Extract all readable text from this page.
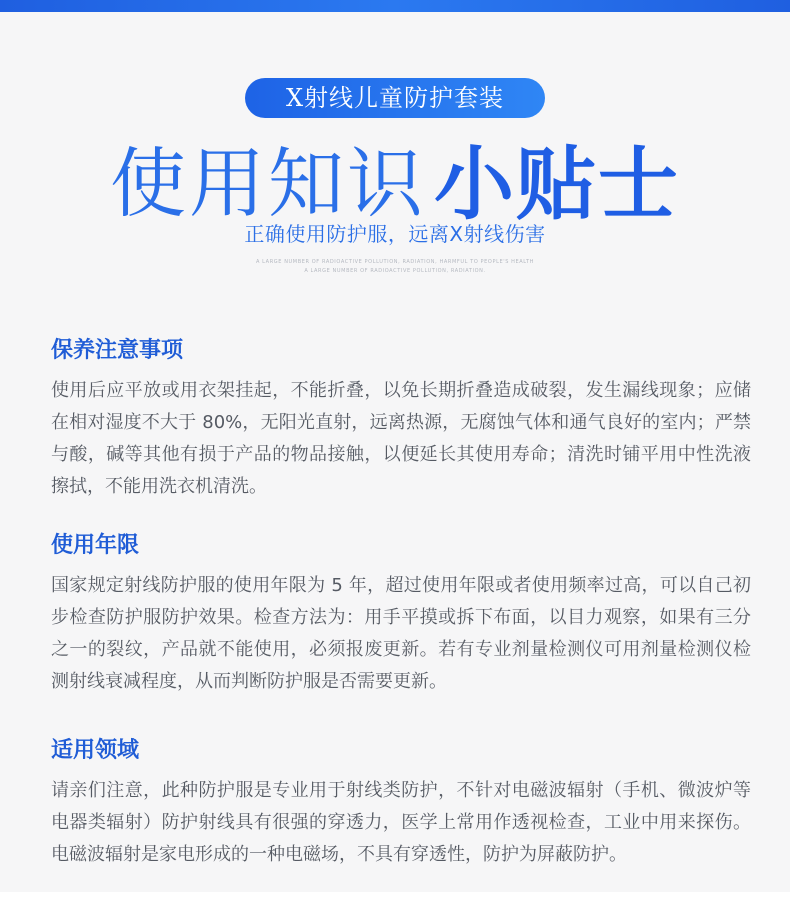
X射线儿童防护套装
使用知识 小贴士
正确使用防护服，远离X射线伤害
A LARGE NUMBER OF RADIOACTIVE POLLUTION, RADIATION, HARMFUL TO PEOPLE'S HEALTH
A LARGE NUMBER OF RADIOACTIVE POLLUTION, RADIATION.
保养注意事项

使用后应平放或用衣架挂起，不能折叠，以免长期折叠造成破裂，发生漏线现象；应储在相对湿度不大于 80%，无阳光直射，远离热源，无腐蚀气体和通气良好的室内；严禁与酸，碱等其他有损于产品的物品接触，以便延长其使用寿命；清洗时铺平用中性洗液擦拭，不能用洗衣机清洗。

使用年限

国家规定射线防护服的使用年限为 5 年，超过使用年限或者使用频率过高，可以自己初步检查防护服防护效果。检查方法为：用手平摸或拆下布面，以目力观察，如果有三分之一的裂纹，产品就不能使用，必须报废更新。若有专业剂量检测仪可用剂量检测仪检测射线衰减程度，从而判断防护服是否需要更新。

适用领域

请亲们注意，此种防护服是专业用于射线类防护，不针对电磁波辐射（手机、微波炉等电器类辐射）防护射线具有很强的穿透力，医学上常用作透视检查，工业中用来探伤。电磁波辐射是家电形成的一种电磁场，不具有穿透性，防护为屏蔽防护。
